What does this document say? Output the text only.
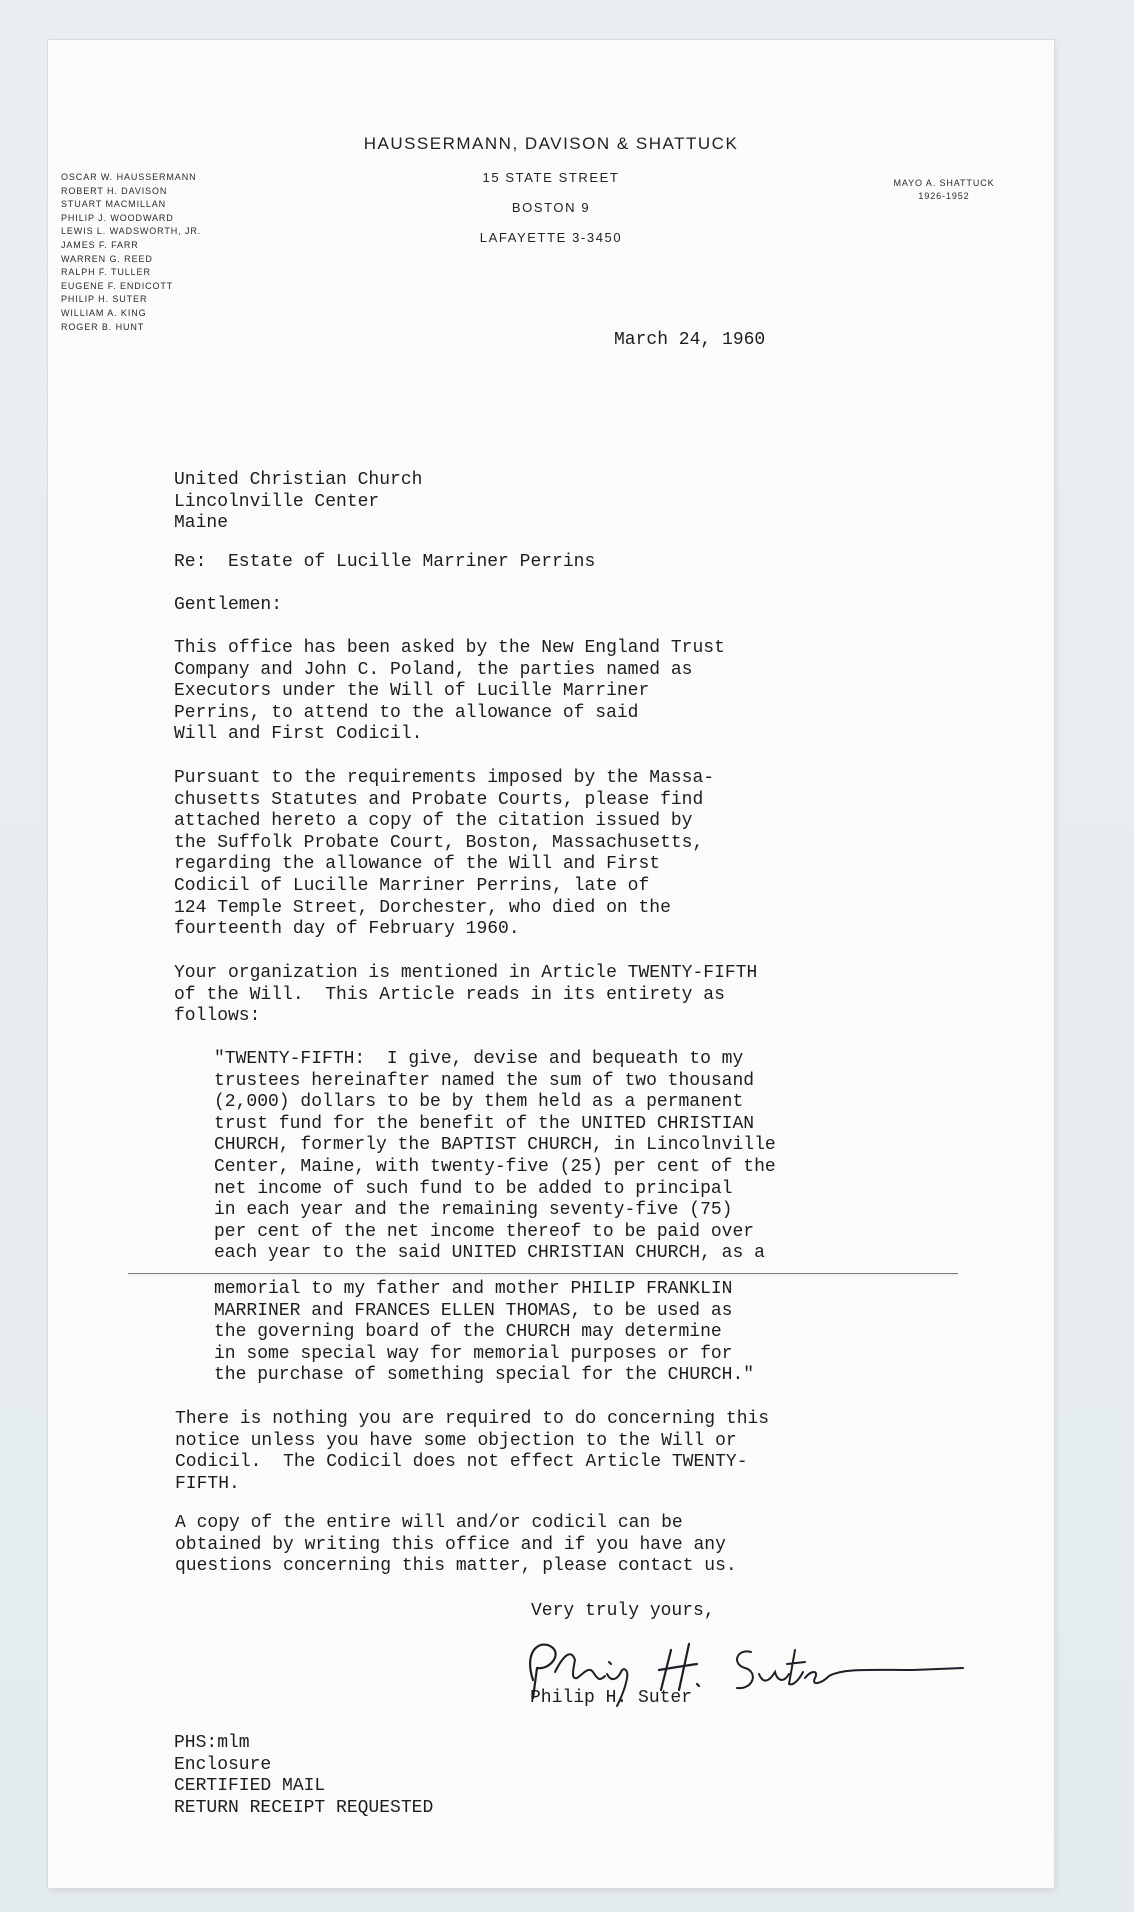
HAUSSERMANN, DAVISON & SHATTUCK
15 STATE STREET
BOSTON 9
LAFAYETTE 3-3450
OSCAR W. HAUSSERMANN
ROBERT H. DAVISON
STUART MACMILLAN
PHILIP J. WOODWARD
LEWIS L. WADSWORTH, JR.
JAMES F. FARR
WARREN G. REED
RALPH F. TULLER
EUGENE F. ENDICOTT
PHILIP H. SUTER
WILLIAM A. KING
ROGER B. HUNT
MAYO A. SHATTUCK
1926-1952
March 24, 1960
United Christian Church
Lincolnville Center
Maine
Re:  Estate of Lucille Marriner Perrins
Gentlemen:
This office has been asked by the New England Trust
Company and John C. Poland, the parties named as
Executors under the Will of Lucille Marriner
Perrins, to attend to the allowance of said
Will and First Codicil.
Pursuant to the requirements imposed by the Massa-
chusetts Statutes and Probate Courts, please find
attached hereto a copy of the citation issued by
the Suffolk Probate Court, Boston, Massachusetts,
regarding the allowance of the Will and First
Codicil of Lucille Marriner Perrins, late of
124 Temple Street, Dorchester, who died on the
fourteenth day of February 1960.
Your organization is mentioned in Article TWENTY-FIFTH
of the Will.  This Article reads in its entirety as
follows:
"TWENTY-FIFTH:  I give, devise and bequeath to my
trustees hereinafter named the sum of two thousand
(2,000) dollars to be by them held as a permanent
trust fund for the benefit of the UNITED CHRISTIAN
CHURCH, formerly the BAPTIST CHURCH, in Lincolnville
Center, Maine, with twenty-five (25) per cent of the
net income of such fund to be added to principal
in each year and the remaining seventy-five (75)
per cent of the net income thereof to be paid over
each year to the said UNITED CHRISTIAN CHURCH, as a
memorial to my father and mother PHILIP FRANKLIN
MARRINER and FRANCES ELLEN THOMAS, to be used as
the governing board of the CHURCH may determine
in some special way for memorial purposes or for
the purchase of something special for the CHURCH."
There is nothing you are required to do concerning this
notice unless you have some objection to the Will or
Codicil.  The Codicil does not effect Article TWENTY-
FIFTH.
A copy of the entire will and/or codicil can be
obtained by writing this office and if you have any
questions concerning this matter, please contact us.
Very truly yours,
Philip H. Suter
PHS:mlm
Enclosure
CERTIFIED MAIL
RETURN RECEIPT REQUESTED
